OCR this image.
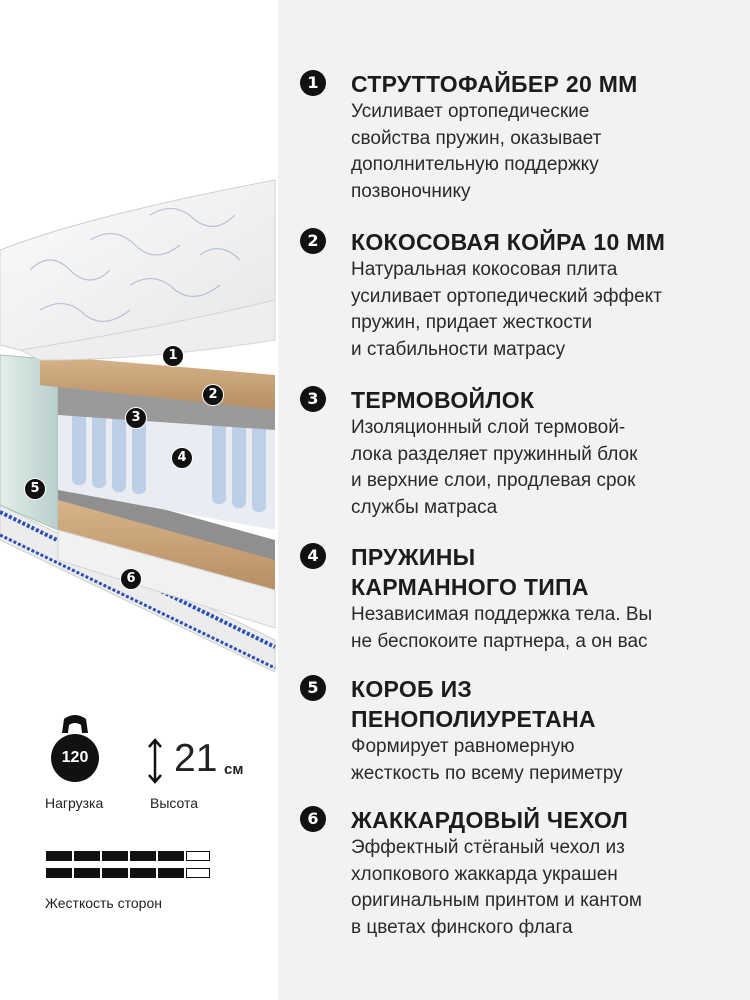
1
2
3
4
5
6
1	СТРУТТОФАЙБЕР 20 ММ
Усиливает ортопедические
свойства пружин, оказывает
дополнительную поддержку
позвоночнику
2	КОКОСОВАЯ КОЙРА 10 ММ
Натуральная кокосовая плита
усиливает ортопедический эффект
пружин, придает жесткости
и стабильности матрасу
3	ТЕРМОВОЙЛОК
Изоляционный слой термовой-
лока разделяет пружинный блок
и верхние слои, продлевая срок
службы матраса
4	ПРУЖИНЫ
КАРМАННОГО ТИПА
Независимая поддержка тела. Вы
не беспокоите партнера, а он вас
5	КОРОБ ИЗ
ПЕНОПОЛИУРЕТАНА
Формирует равномерную
жесткость по всему периметру
6	ЖАККАРДОВЫЙ ЧЕХОЛ
Эффектный стёганый чехол из
хлопкового жаккарда украшен
оригинальным принтом и кантом
в цветах финского флага
120
Нагрузка
21 см
Высота
Жесткость сторон
